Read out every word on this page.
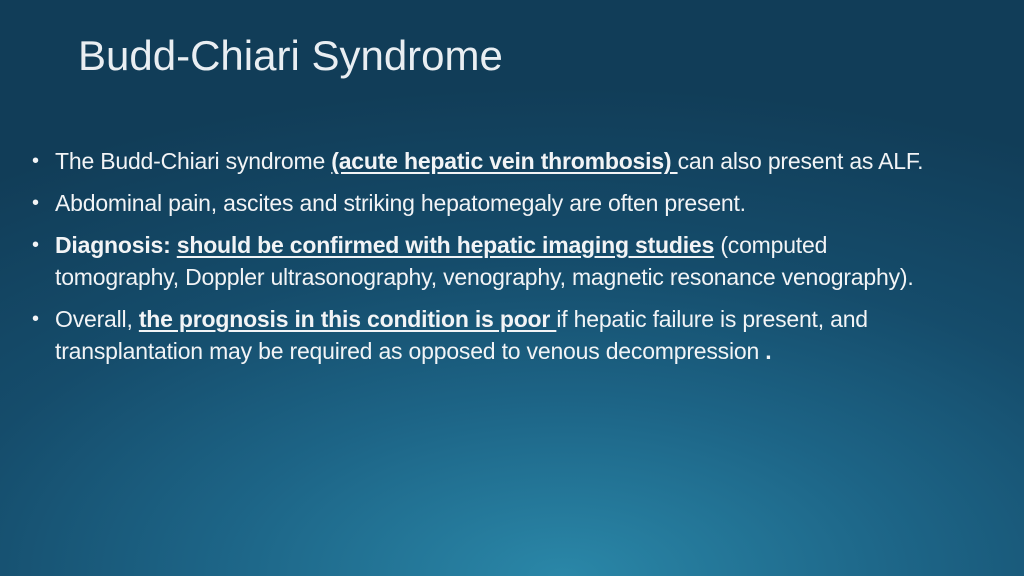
Budd-Chiari Syndrome
• The Budd-Chiari syndrome (acute hepatic vein thrombosis) can also present as ALF.
• Abdominal pain, ascites and striking hepatomegaly are often present.
• Diagnosis: should be confirmed with hepatic imaging studies (computed tomography, Doppler ultrasonography, venography, magnetic resonance venography).
• Overall, the prognosis in this condition is poor if hepatic failure is present, and transplantation may be required as opposed to venous decompression .
